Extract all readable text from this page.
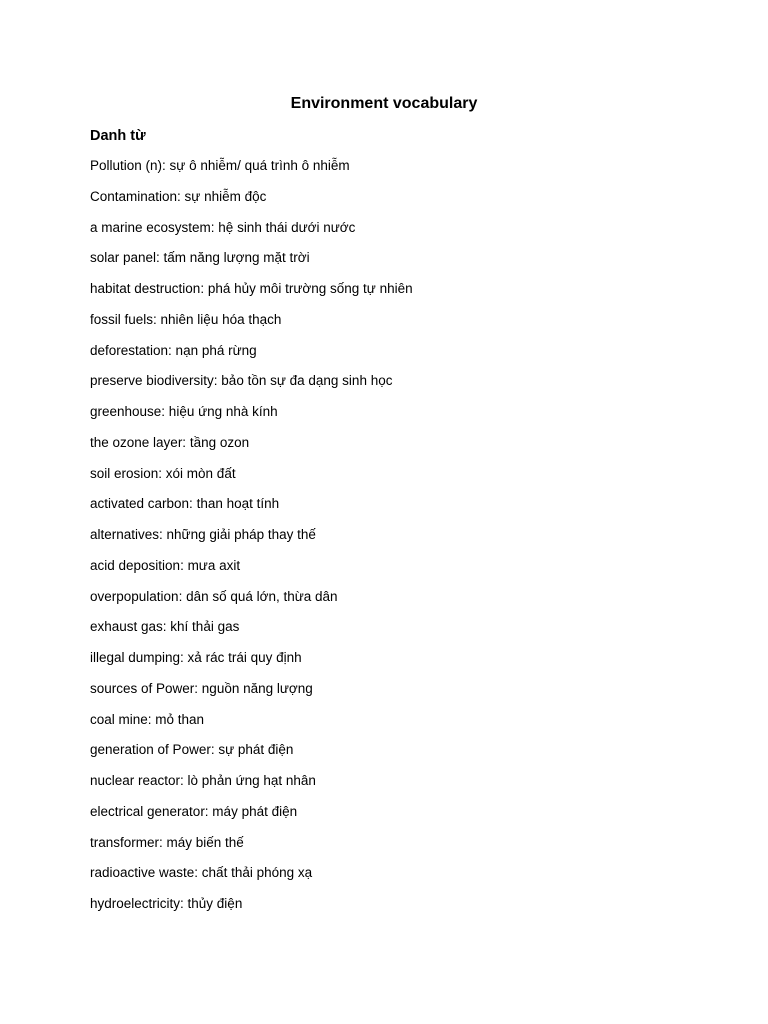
Environment vocabulary
Danh từ
Pollution (n): sự ô nhiễm/ quá trình ô nhiễm
Contamination: sự nhiễm độc
a marine ecosystem: hệ sinh thái dưới nước
solar panel: tấm năng lượng mặt trời
habitat destruction: phá hủy môi trường sống tự nhiên
fossil fuels: nhiên liệu hóa thạch
deforestation: nạn phá rừng
preserve biodiversity: bảo tồn sự đa dạng sinh học
greenhouse: hiệu ứng nhà kính
the ozone layer: tầng ozon
soil erosion: xói mòn đất
activated carbon: than hoạt tính
alternatives: những giải pháp thay thế
acid deposition: mưa axit
overpopulation: dân số quá lớn, thừa dân
exhaust gas: khí thải gas
illegal dumping: xả rác trái quy định
sources of Power: nguồn năng lượng
coal mine: mỏ than
generation of Power: sự phát điện
nuclear reactor: lò phản ứng hạt nhân
electrical generator: máy phát điện
transformer: máy biến thế
radioactive waste: chất thải phóng xạ
hydroelectricity: thủy điện
